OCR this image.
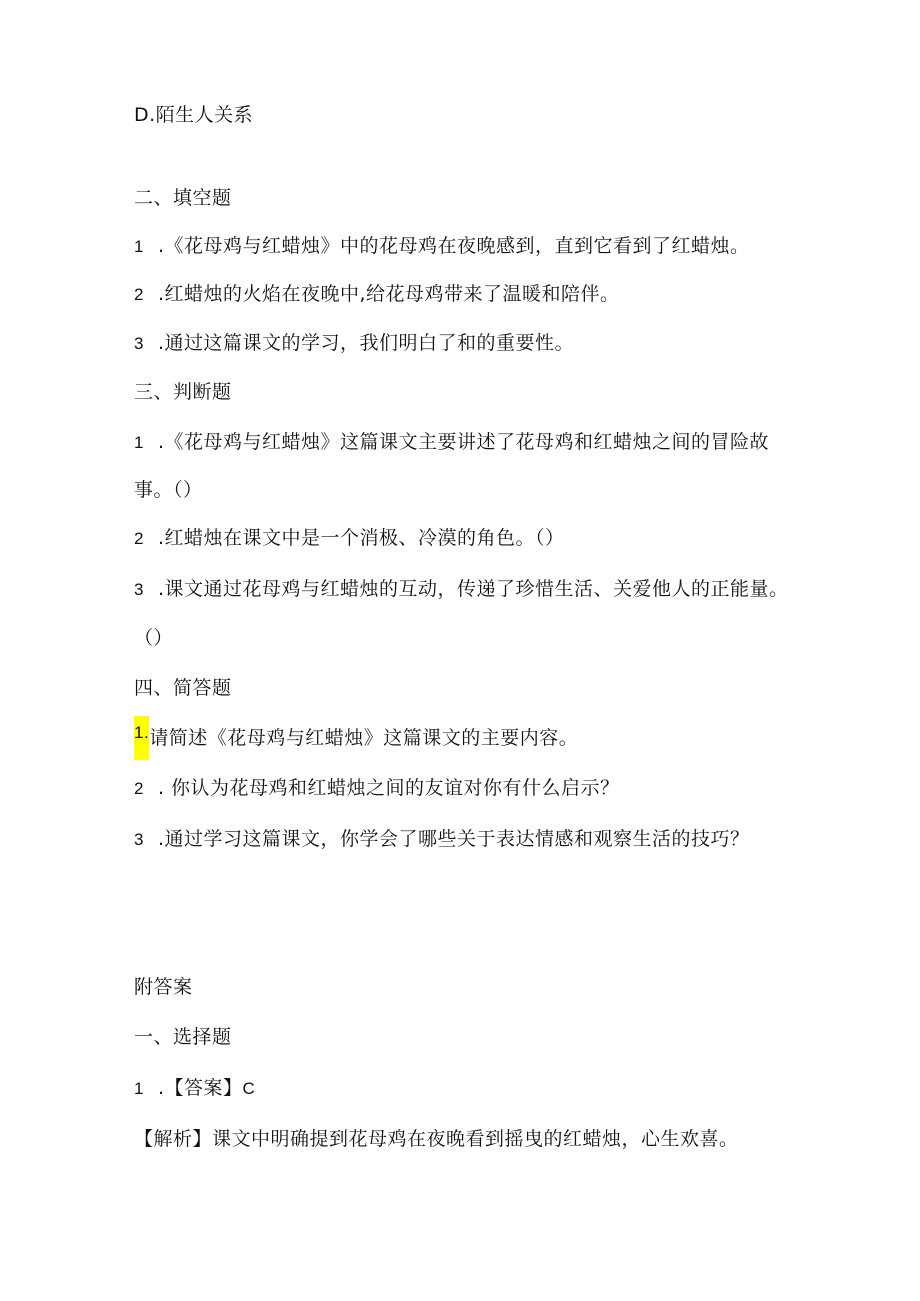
D.陌生人关系
二、填空题
1 .《花母鸡与红蜡烛》中的花母鸡在夜晚感到，直到它看到了红蜡烛。
2 .红蜡烛的火焰在夜晚中,给花母鸡带来了温暖和陪伴。
3 .通过这篇课文的学习，我们明白了和的重要性。
三、判断题
1 .《花母鸡与红蜡烛》这篇课文主要讲述了花母鸡和红蜡烛之间的冒险故
事。（）
2 .红蜡烛在课文中是一个消极、冷漠的角色。（）
3 .课文通过花母鸡与红蜡烛的互动，传递了珍惜生活、关爱他人的正能量。
（）
四、简答题
1.请简述《花母鸡与红蜡烛》这篇课文的主要内容。
2 . 你认为花母鸡和红蜡烛之间的友谊对你有什么启示？
3 .通过学习这篇课文，你学会了哪些关于表达情感和观察生活的技巧？
附答案
一、选择题
1 .【答案】C
【解析】课文中明确提到花母鸡在夜晚看到摇曳的红蜡烛，心生欢喜。
